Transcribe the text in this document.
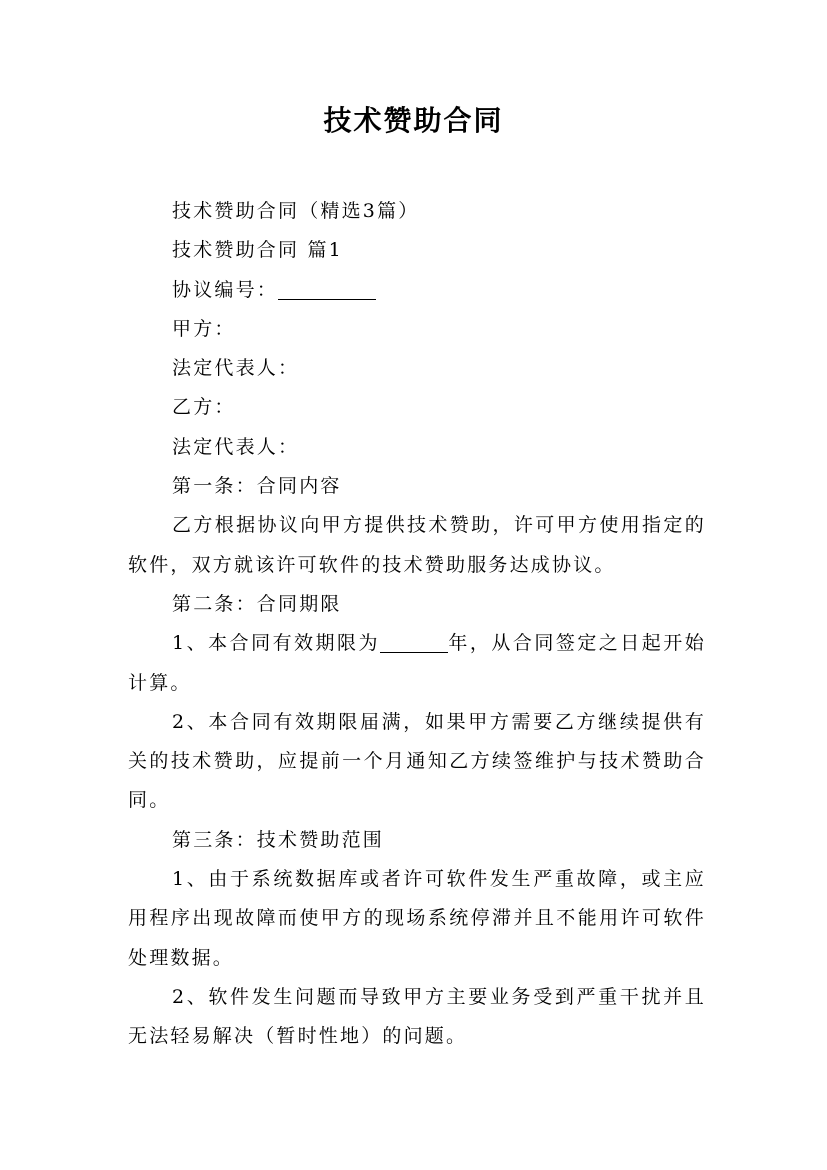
技术赞助合同

技术赞助合同（精选3篇）

技术赞助合同 篇1

协议编号：

甲方：

法定代表人：

乙方：

法定代表人：

第一条：合同内容

乙方根据协议向甲方提供技术赞助，许可甲方使用指定的软件，双方就该许可软件的技术赞助服务达成协议。

第二条：合同期限

1、本合同有效期限为	年，从合同签定之日起开始计算。

2、本合同有效期限届满，如果甲方需要乙方继续提供有关的技术赞助，应提前一个月通知乙方续签维护与技术赞助合同。

第三条：技术赞助范围

1、由于系统数据库或者许可软件发生严重故障，或主应用程序出现故障而使甲方的现场系统停滞并且不能用许可软件处理数据。

2、软件发生问题而导致甲方主要业务受到严重干扰并且无法轻易解决（暂时性地）的问题。
